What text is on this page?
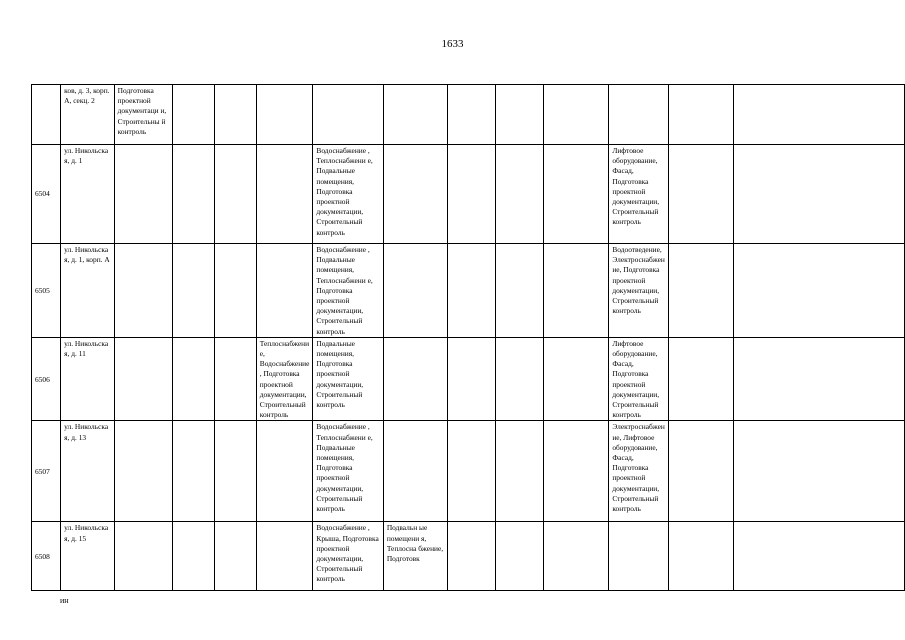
1633
	ков, д. 3, корп. А, секц. 2	Подготовка проектной документаци и, Строительны й контроль											
6504	ул. Никольска я, д. 1					Водоснабжение , Теплоснабжени е, Подвальные помещения, Подготовка проектной документации, Строительный контроль					Лифтовое оборудование, Фасад, Подготовка проектной документации, Строительный контроль		
6505	ул. Никольска я, д. 1, корп. А					Водоснабжение , Подвальные помещения, Теплоснабжени е, Подготовка проектной документации, Строительный контроль					Водоотведение, Электроснабжен ие, Подготовка проектной документации, Строительный контроль		
6506	ул. Никольска я, д. 11				Теплоснабжени е, Водоснабжение , Подготовка проектной документации, Строительный контроль	Подвальные помещения, Подготовка проектной документации, Строительный контроль					Лифтовое оборудование, Фасад, Подготовка проектной документации, Строительный контроль		
6507	ул. Никольска я, д. 13					Водоснабжение , Теплоснабжени е, Подвальные помещения, Подготовка проектной документации, Строительный контроль					Электроснабжен ие, Лифтовое оборудование, Фасад, Подготовка проектной документации, Строительный контроль		
6508	ул. Никольска я, д. 15					Водоснабжение , Крыша, Подготовка проектной документации, Строительный контроль	Подвальн ые помещени я, Теплосна бжение, Подготовк						
ин
